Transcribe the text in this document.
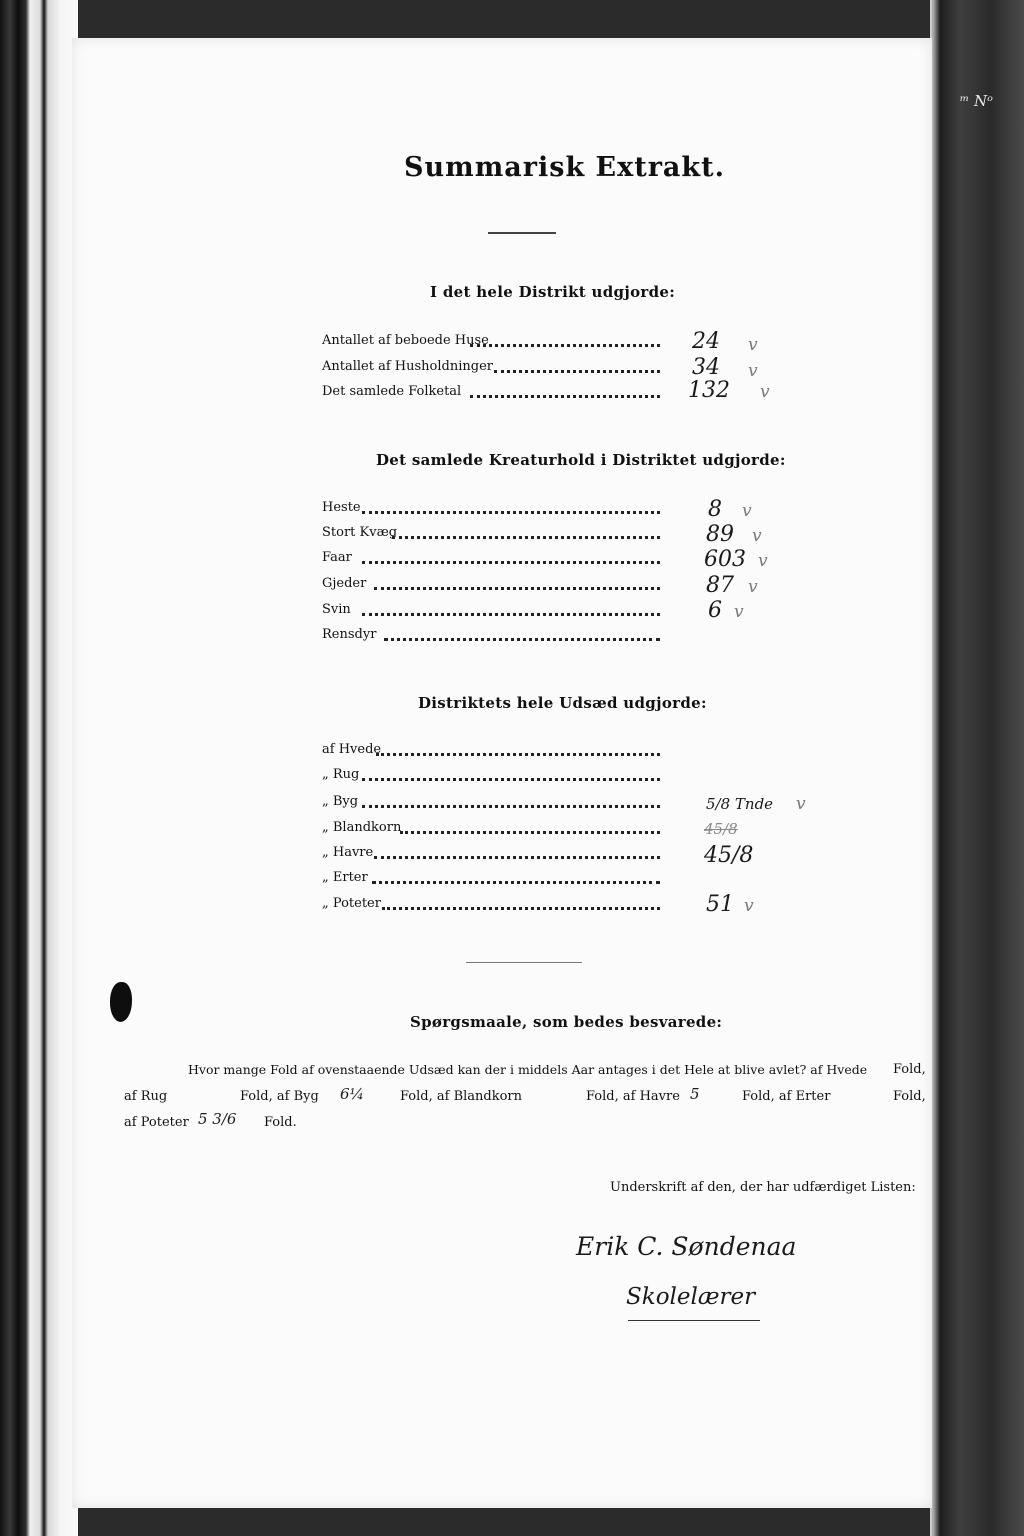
Summarisk Extrakt.
I det hele Distrikt udgjorde:
Antallet af beboede Huse	24 v
Antallet af Husholdninger	34 v
Det samlede Folketal	132 v
Det samlede Kreaturhold i Distriktet udgjorde:
Heste	8 v
Stort Kvæg	89 v
Faar	603 v
Gjeder	87 v
Svin	6 v
Rensdyr
Distriktets hele Udsæd udgjorde:
af Hvede
„ Rug
„ Byg	5/8 Tnde v
„ Blandkorn	45/8
„ Havre	45/8
„ Erter
„ Poteter	51 v
Spørgsmaale, som bedes besvarede:
Hvor mange Fold af ovenstaaende Udsæd kan der i middels Aar antages i det Hele at blive avlet? af Hvede Fold,
af Rug	Fold, af Byg 6¼	Fold, af Blandkorn	Fold, af Havre 5	Fold, af Erter	Fold,
af Poteter 5 3/6 Fold.
Underskrift af den, der har udfærdiget Listen:
Erik C. Søndenaa
Skolelærer
ᵐ Nᵒ
